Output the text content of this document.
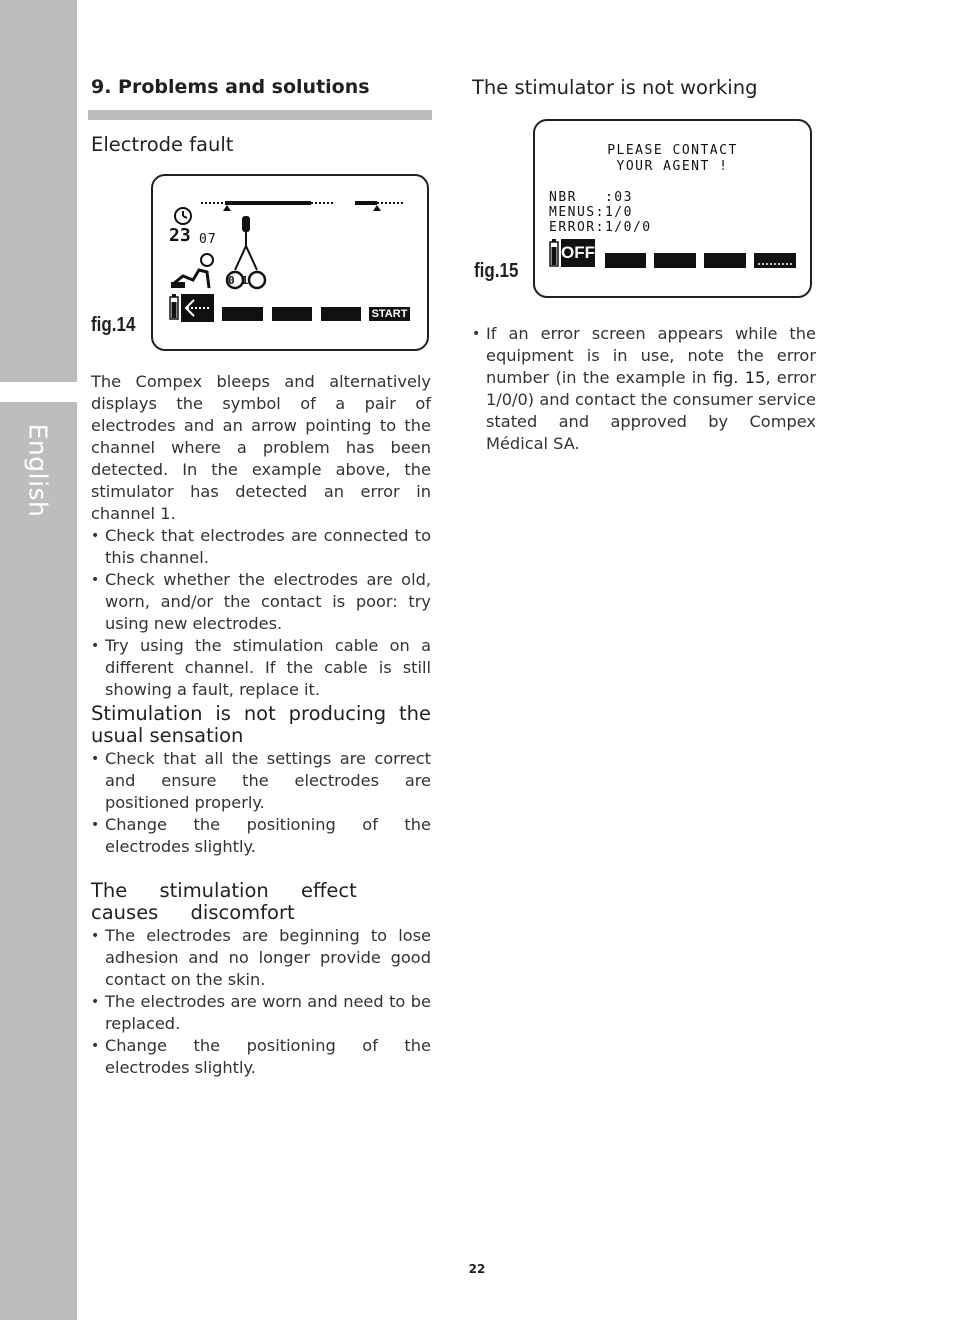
English
9. Problems and solutions
Electrode fault
fig.14
23 07
01
START

The Compex bleeps and alternatively displays the symbol of a pair of electrodes and an arrow pointing to the channel where a problem has been detected. In the example above, the stimulator has detected an error in channel 1.

• Check that electrodes are connected to this channel.
• Check whether the electrodes are old, worn, and/or the contact is poor: try using new electrodes.
• Try using the stimulation cable on a different channel. If the cable is still showing a fault, replace it.
Stimulation is not producing the usual sensation
• Check that all the settings are correct and ensure the electrodes are positioned properly.
• Change the positioning of the electrodes slightly.
The stimulation effect causes discomfort
• The electrodes are beginning to lose adhesion and no longer provide good contact on the skin.
• The electrodes are worn and need to be replaced.
• Change the positioning of the electrodes slightly.
The stimulator is not working
fig.15
PLEASE CONTACT
YOUR AGENT !
NBR   :03
MENUS:1/0
ERROR:1/0/0
OFF
• If an error screen appears while the equipment is in use, note the error number (in the example in fig. 15, error 1/0/0) and contact the consumer service stated and approved by Compex Médical SA.
22
